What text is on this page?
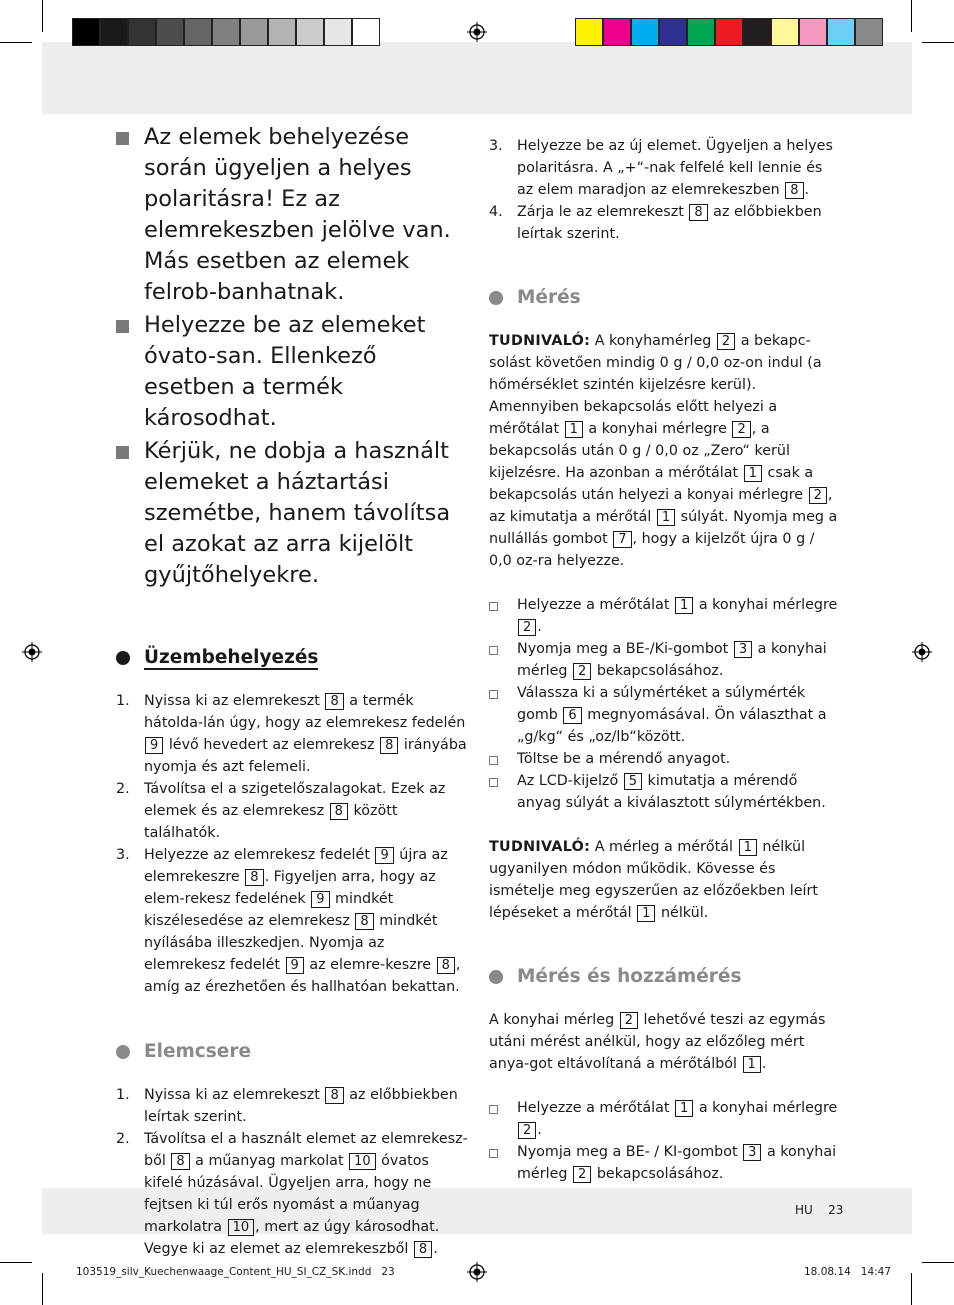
Az elemek behelyezése során ügyeljen a helyes polaritásra! Ez az elemrekeszben jelölve van. Más esetben az elemek felrob-banhatnak.
Helyezze be az elemeket óvato-san. Ellenkező esetben a termék károsodhat.
Kérjük, ne dobja a használt elemeket a háztartási szemétbe, hanem távolítsa el azokat az arra kijelölt gyűjtőhelyekre.
Üzembehelyezés
1. Nyissa ki az elemrekeszt 8 a termék hátolda-lán úgy, hogy az elemrekesz fedelén 9 lévő hevedert az elemrekesz 8 irányába nyomja és azt felemeli.
2. Távolítsa el a szigetelőszalagokat. Ezek az elemek és az elemrekesz 8 között találhatók.
3. Helyezze az elemrekesz fedelét 9 újra az elemrekeszre 8 . Figyeljen arra, hogy az elem-rekesz fedelének 9 mindkét kiszélesedése az elemrekesz 8 mindkét nyílásába illeszkedjen. Nyomja az elemrekesz fedelét 9 az elemre-keszre 8 , amíg az érezhetően és hallhatóan bekattan.
Elemcsere
1. Nyissa ki az elemrekeszt 8 az előbbiekben leírtak szerint.
2. Távolítsa el a használt elemet az elemrekesz-ből 8 a műanyag markolat 10 óvatos kifelé húzásával. Ügyeljen arra, hogy ne fejtsen ki túl erős nyomást a műanyag markolatra 10 , mert az úgy károsodhat. Vegye ki az elemet az elemrekeszből 8 .
3. Helyezze be az új elemet. Ügyeljen a helyes polaritásra. A „+“-nak felfelé kell lennie és az elem maradjon az elemrekeszben 8 .
4. Zárja le az elemrekeszt 8 az előbbiekben leírtak szerint.
Mérés

TUDNIVALÓ: A konyhamérleg 2 a bekapc-solást követően mindig 0 g / 0,0 oz-on indul (a hőmérséklet szintén kijelzésre kerül). Amennyiben bekapcsolás előtt helyezi a mérőtálat 1 a konyhai mérlegre 2 , a bekapcsolás után 0 g / 0,0 oz „Zero“ kerül kijelzésre. Ha azonban a mérőtálat 1 csak a bekapcsolás után helyezi a konyai mérlegre 2 , az kimutatja a mérőtál 1 súlyát. Nyomja meg a nullállás gombot 7 , hogy a kijelzőt újra 0 g / 0,0 oz-ra helyezze.

Helyezze a mérőtálat 1 a konyhai mérlegre 2 .
Nyomja meg a BE-/Ki-gombot 3 a konyhai mérleg 2 bekapcsolásához.
Válassza ki a súlymértéket a súlymérték gomb 6 megnyomásával. Ön választhat a „g/kg“ és „oz/lb“között.
Töltse be a mérendő anyagot.
Az LCD-kijelző 5 kimutatja a mérendő anyag súlyát a kiválasztott súlymértékben.

TUDNIVALÓ: A mérleg a mérőtál 1 nélkül ugyanilyen módon működik. Kövesse és ismételje meg egyszerűen az előzőekben leírt lépéseket a mérőtál 1 nélkül.

Mérés és hozzámérés

A konyhai mérleg 2 lehetővé teszi az egymás utáni mérést anélkül, hogy az előzőleg mért anya-got eltávolítaná a mérőtálból 1 .

Helyezze a mérőtálat 1 a konyhai mérlegre 2 .
Nyomja meg a BE- / KI-gombot 3 a konyhai mérleg 2 bekapcsolásához.
HU 23
103519_silv_Kuechenwaage_Content_HU_SI_CZ_SK.indd   23	18.08.14   14:47
